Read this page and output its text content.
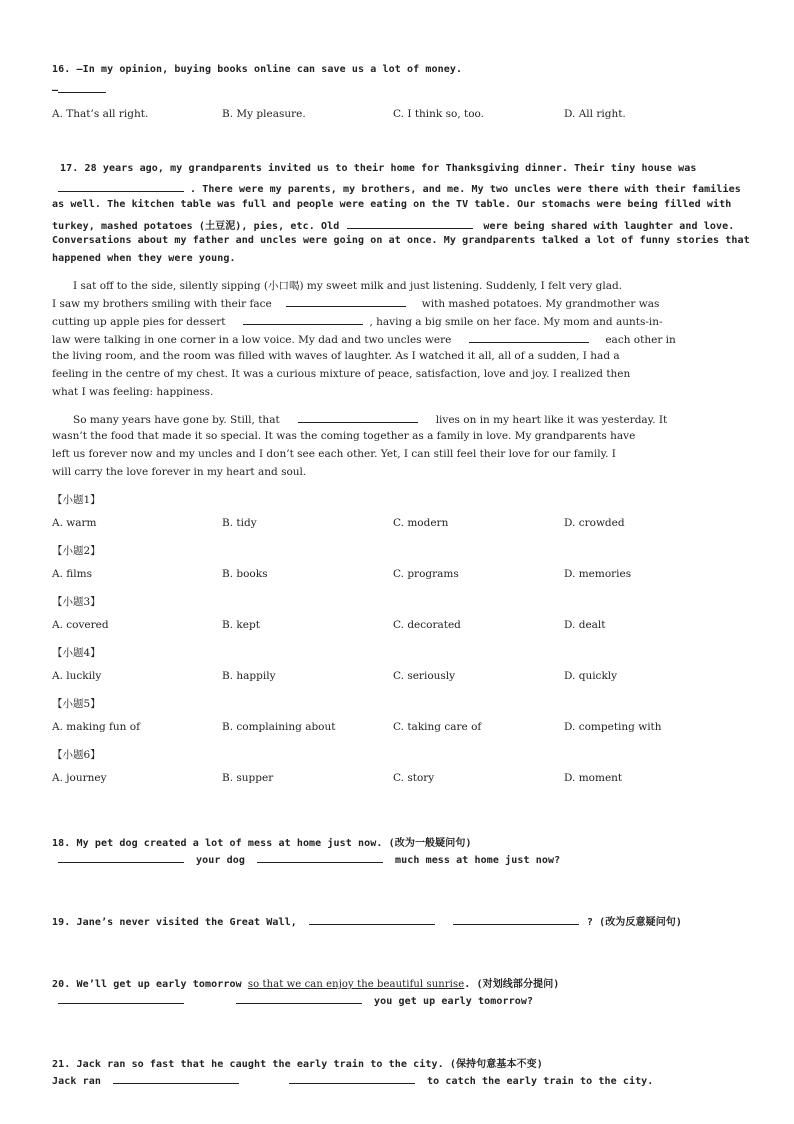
16. —In my opinion, buying books online can save us a lot of money.
—
A. That’s all right.	B. My pleasure.	C. I think so, too.	D. All right.
17. 28 years ago, my grandparents invited us to their home for Thanksgiving dinner. Their tiny house was
. There were my parents, my brothers, and me. My two uncles were there with their families
as well. The kitchen table was full and people were eating on the TV table. Our stomachs were being filled with
turkey, mashed potatoes (土豆泥), pies, etc. Old	were being shared with laughter and love.
Conversations about my father and uncles were going on at once. My grandparents talked a lot of funny stories that
happened when they were young.
I sat off to the side, silently sipping (小口喝) my sweet milk and just listening. Suddenly, I felt very glad.
I saw my brothers smiling with their face	with mashed potatoes. My grandmother was
cutting up apple pies for dessert	, having a big smile on her face. My mom and aunts-in-
law were talking in one corner in a low voice. My dad and two uncles were	each other in
the living room, and the room was filled with waves of laughter. As I watched it all, all of a sudden, I had a
feeling in the centre of my chest. It was a curious mixture of peace, satisfaction, love and joy. I realized then
what I was feeling: happiness.
So many years have gone by. Still, that	lives on in my heart like it was yesterday. It
wasn’t the food that made it so special. It was the coming together as a family in love. My grandparents have
left us forever now and my uncles and I don’t see each other. Yet, I can still feel their love for our family. I
will carry the love forever in my heart and soul.
【小题1】
A. warm	B. tidy	C. modern	D. crowded
【小题2】
A. films	B. books	C. programs	D. memories
【小题3】
A. covered	B. kept	C. decorated	D. dealt
【小题4】
A. luckily	B. happily	C. seriously	D. quickly
【小题5】
A. making fun of	B. complaining about	C. taking care of	D. competing with
【小题6】
A. journey	B. supper	C. story	D. moment
18. My pet dog created a lot of mess at home just now. (改为一般疑问句)
your dog	much mess at home just now?
19. Jane’s never visited the Great Wall,	? (改为反意疑问句)
20. We’ll get up early tomorrow so that we can enjoy the beautiful sunrise. (对划线部分提问)
you get up early tomorrow?
21. Jack ran so fast that he caught the early train to the city. (保持句意基本不变)
Jack ran	to catch the early train to the city.
